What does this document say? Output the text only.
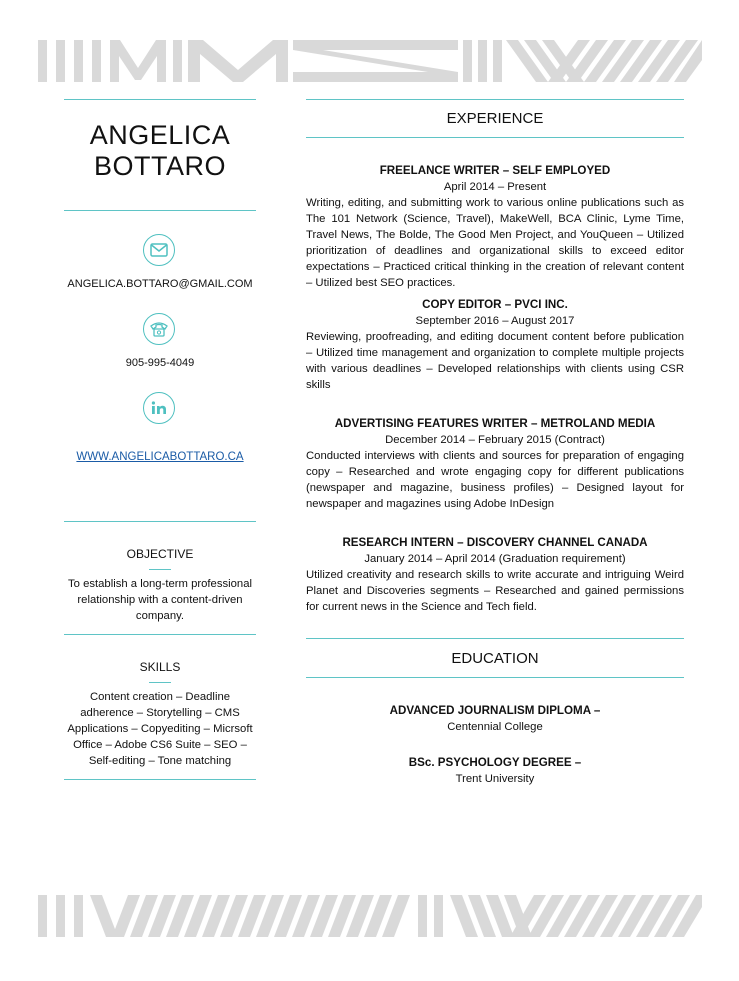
ANGELICA
BOTTARO
ANGELICA.BOTTARO@GMAIL.COM
905-995-4049
WWW.ANGELICABOTTARO.CA
OBJECTIVE
To establish a long-term professional relationship with a content-driven company.
SKILLS
Content creation – Deadline adherence – Storytelling – CMS Applications – Copyediting – Micrsoft Office – Adobe CS6 Suite – SEO – Self-editing – Tone matching
EXPERIENCE
FREELANCE WRITER – SELF EMPLOYED
April 2014 – Present
Writing, editing, and submitting work to various online publications such as The 101 Network (Science, Travel), MakeWell, BCA Clinic, Lyme Time, Travel News, The Bolde, The Good Men Project, and YouQueen – Utilized prioritization of deadlines and organizational skills to exceed editor expectations – Practiced critical thinking in the creation of relevant content – Utilized best SEO practices.
COPY EDITOR – PVCI INC.
September 2016 – August 2017
Reviewing, proofreading, and editing document content before publication – Utilized time management and organization to complete multiple projects with various deadlines – Developed relationships with clients using CSR skills
ADVERTISING FEATURES WRITER – METROLAND MEDIA
December 2014 – February 2015 (Contract)
Conducted interviews with clients and sources for preparation of engaging copy – Researched and wrote engaging copy for different publications (newspaper and magazine, business profiles) – Designed layout for newspaper and magazines using Adobe InDesign
RESEARCH INTERN – DISCOVERY CHANNEL CANADA
January 2014 – April 2014 (Graduation requirement)
Utilized creativity and research skills to write accurate and intriguing Weird Planet and Discoveries segments – Researched and gained permissions for current news in the Science and Tech field.
EDUCATION
ADVANCED JOURNALISM DIPLOMA –
Centennial College
BSc. PSYCHOLOGY DEGREE –
Trent University
